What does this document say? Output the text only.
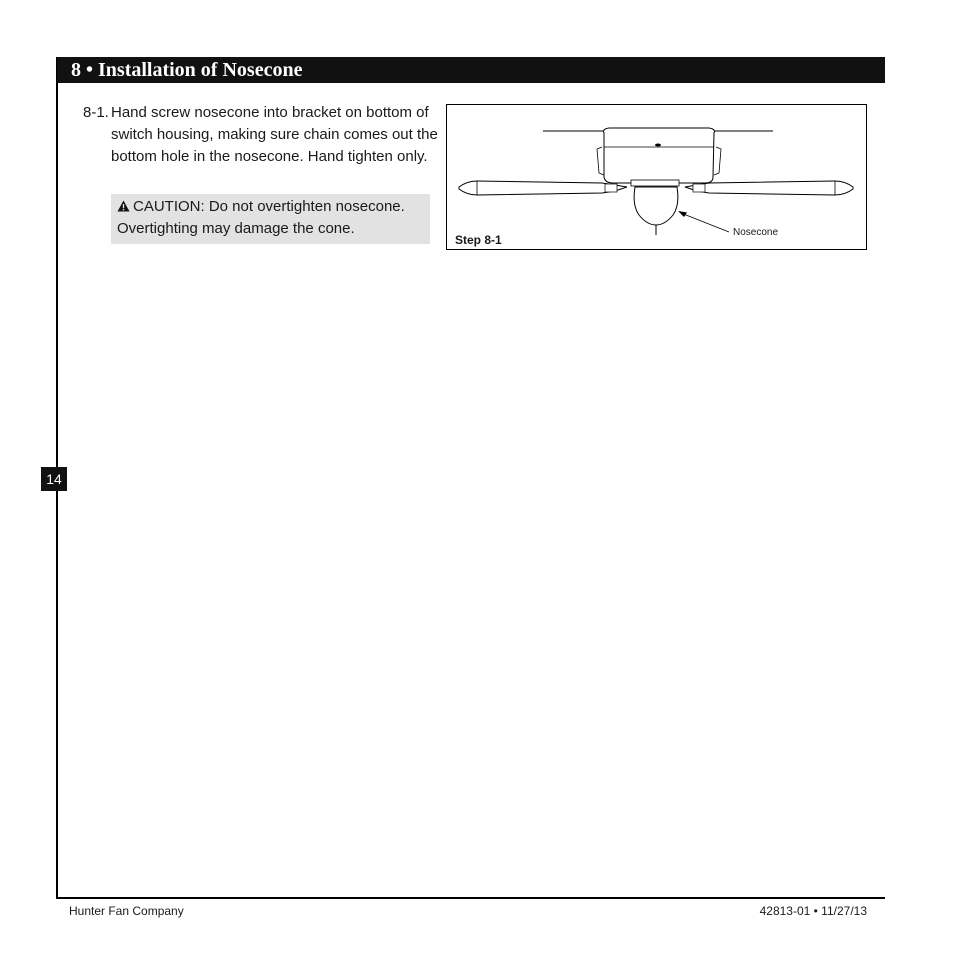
8 • Installation of Nosecone
8-1. Hand screw nosecone into bracket on bottom of switch housing, making sure chain comes out the bottom hole in the nosecone. Hand tighten only.
CAUTION: Do not overtighten nosecone. Overtighting may damage the cone.
Step 8-1
Nosecone
14
Hunter Fan Company	42813-01 • 11/27/13
